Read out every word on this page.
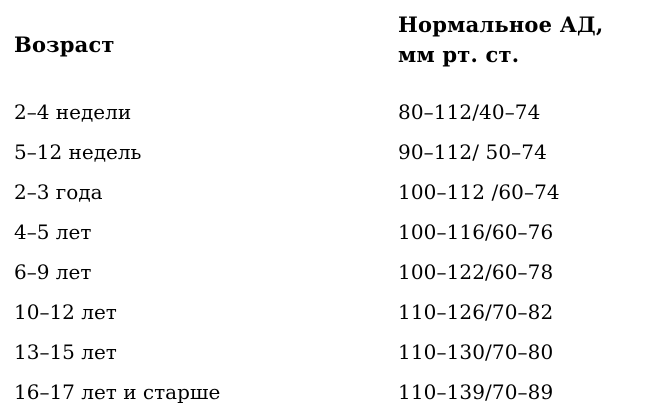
Возраст	Нормальное АД,
мм рт. ст.

2–4 недели	80–112/40–74
5–12 недель	90–112/ 50–74
2–3 года	100–112 /60–74
4–5 лет	100–116/60–76
6–9 лет	100–122/60–78
10–12 лет	110–126/70–82
13–15 лет	110–130/70–80
16–17 лет и старше	110–139/70–89
